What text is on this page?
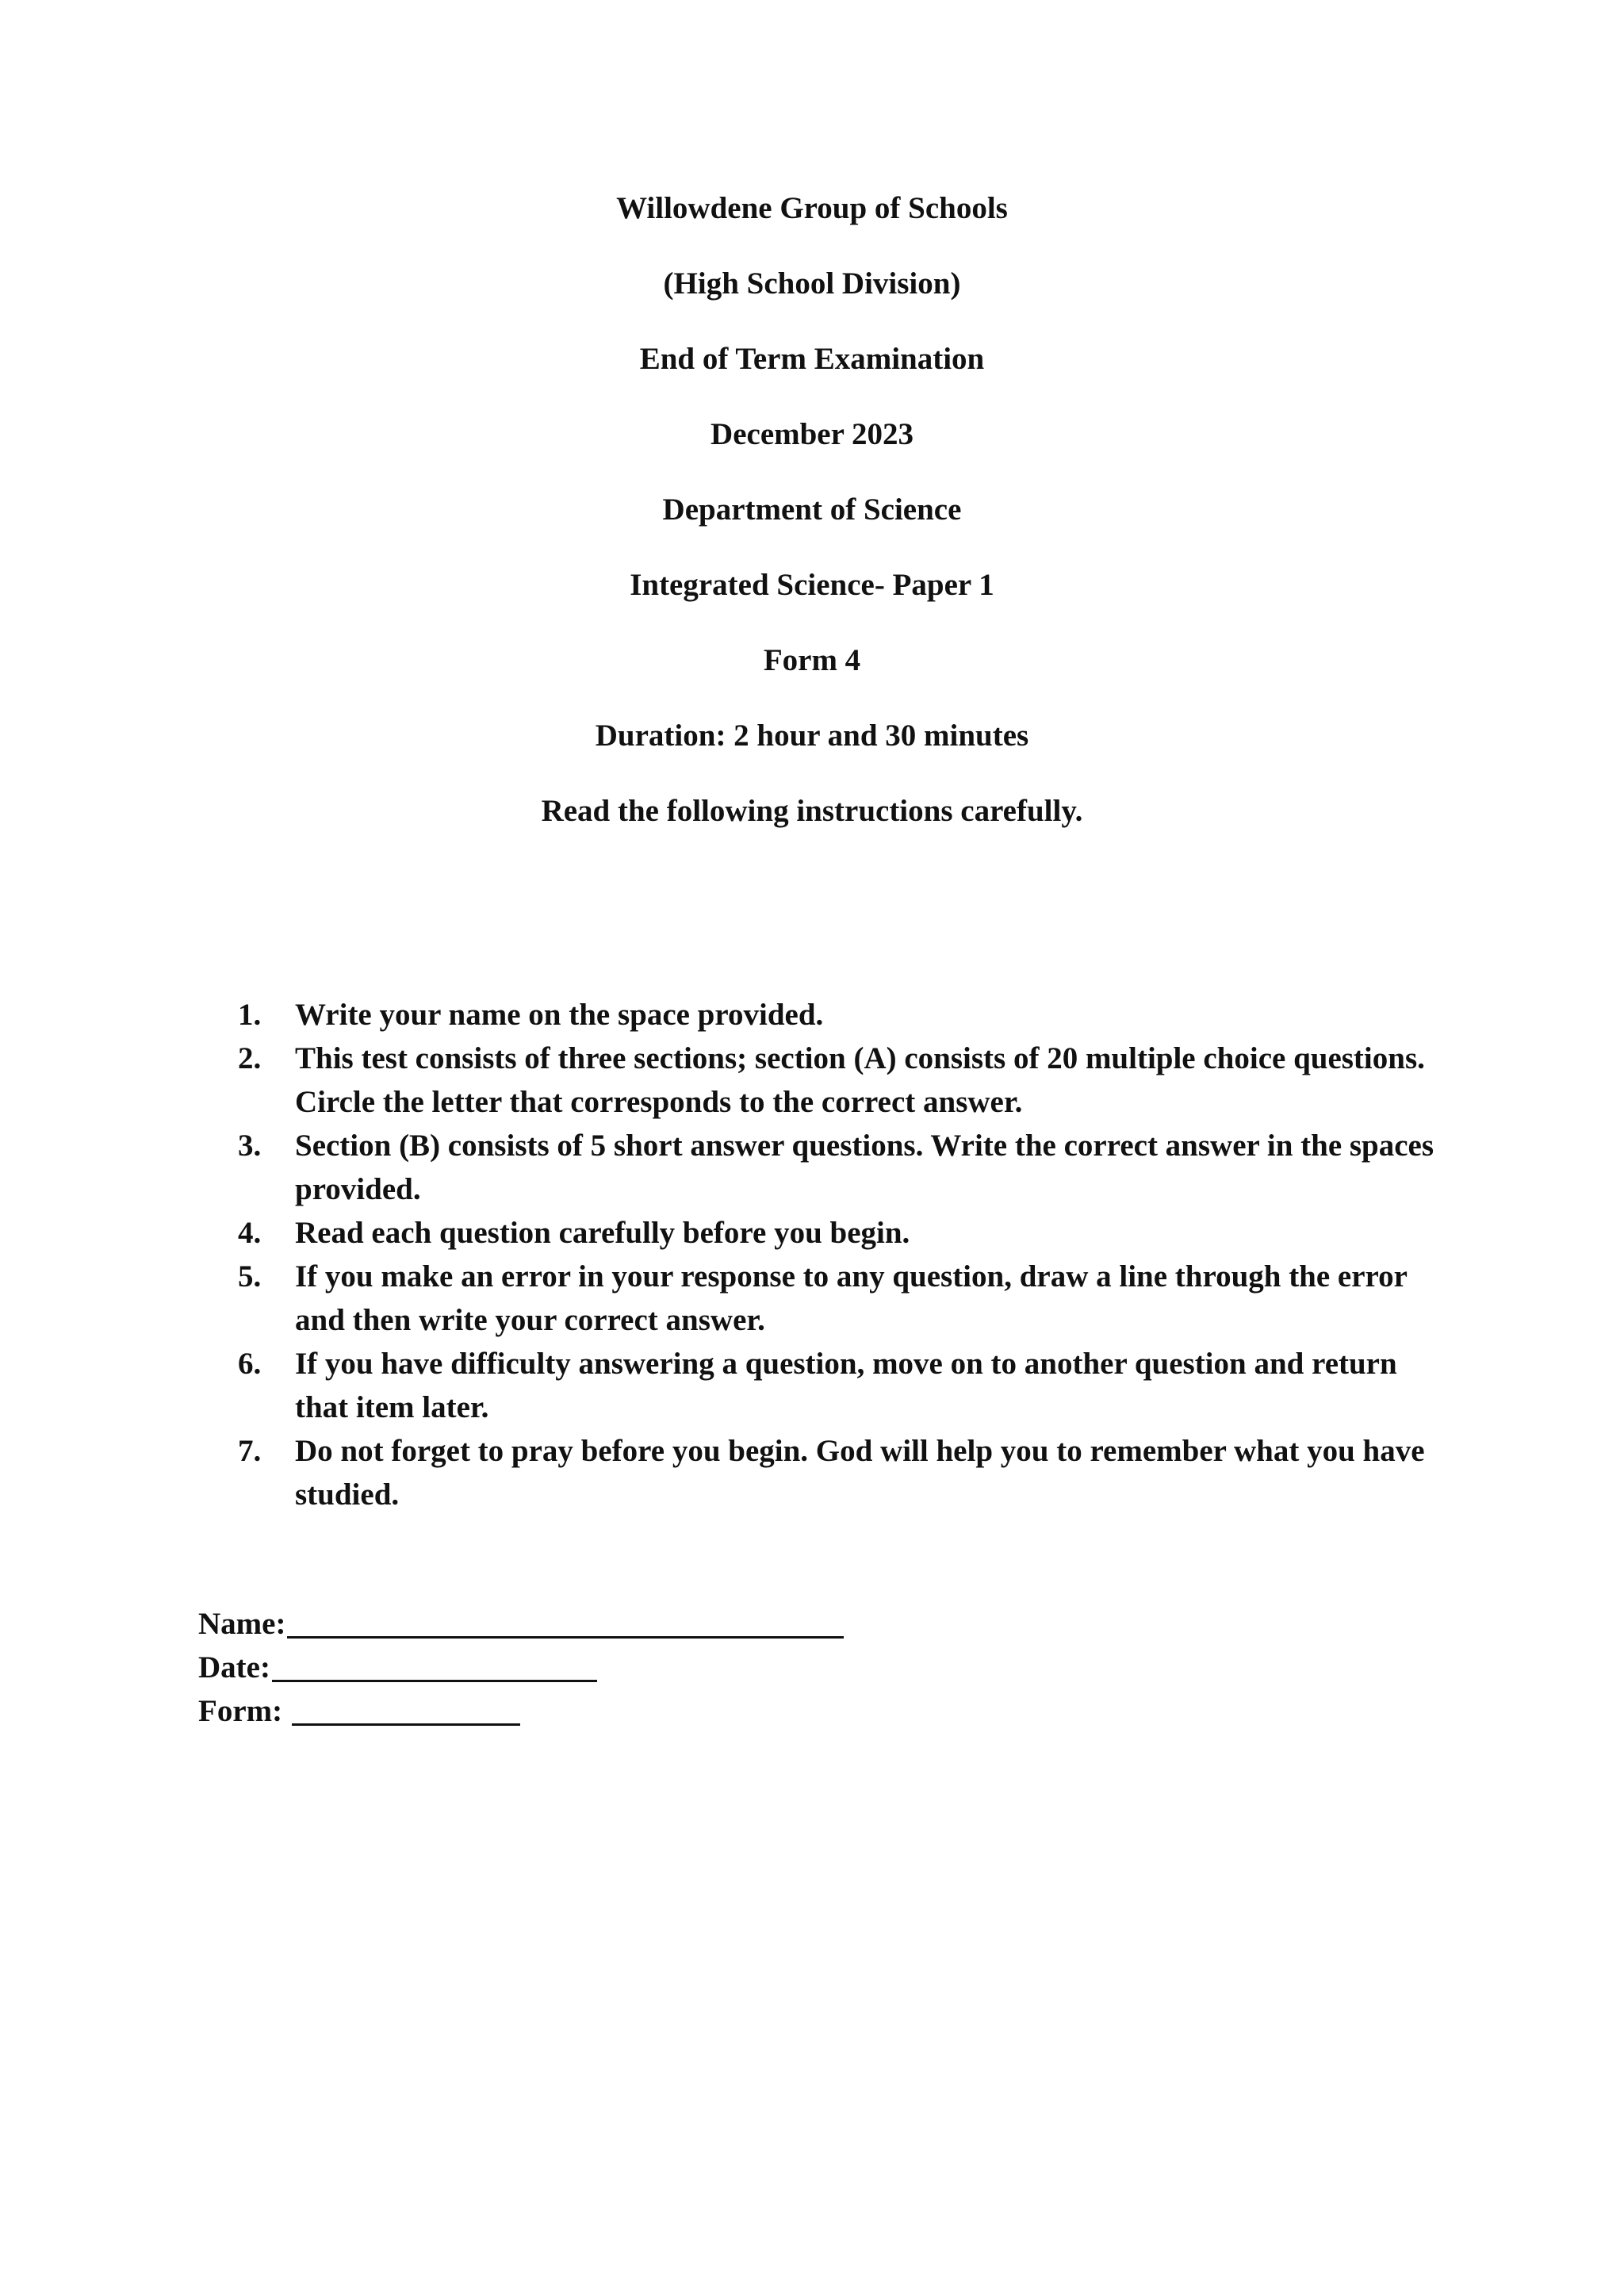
Willowdene Group of Schools
(High School Division)
End of Term Examination
December 2023
Department of Science
Integrated Science- Paper 1
Form 4
Duration: 2 hour and 30 minutes
Read the following instructions carefully.
1.	Write your name on the space provided.
2.	This test consists of three sections; section (A) consists of 20 multiple choice questions. Circle the letter that corresponds to the correct answer.
3.	Section (B) consists of 5 short answer questions. Write the correct answer in the spaces provided.
4.	Read each question carefully before you begin.
5.	If you make an error in your response to any question, draw a line through the error and then write your correct answer.
6.	If you have difficulty answering a question, move on to another question and return that item later.
7.	Do not forget to pray before you begin. God will help you to remember what you have studied.
Name:
Date:
Form:
